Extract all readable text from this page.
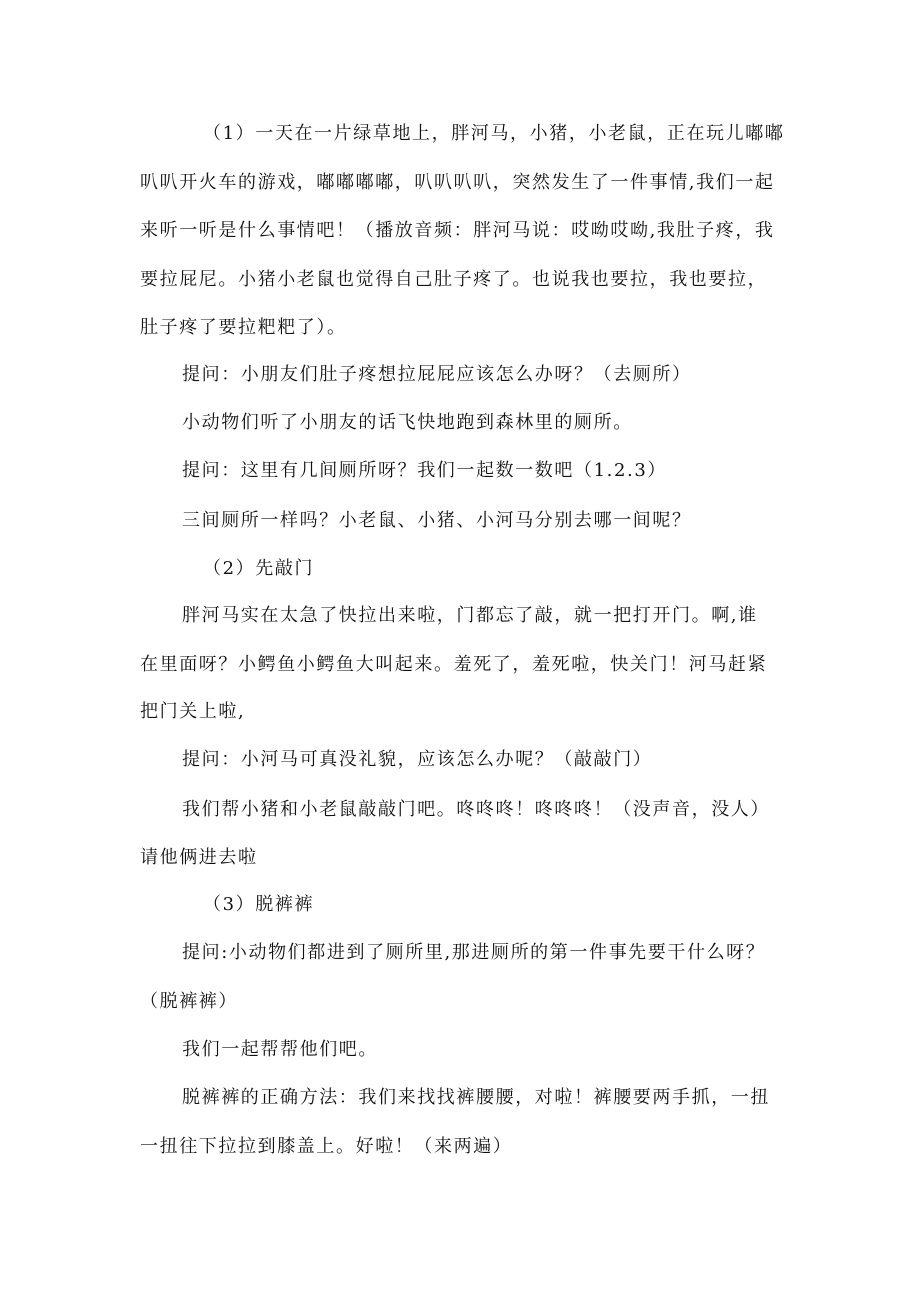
（1）一天在一片绿草地上，胖河马，小猪，小老鼠，正在玩儿嘟嘟
叭叭开火车的游戏，嘟嘟嘟嘟，叭叭叭叭，突然发生了一件事情,我们一起
来听一听是什么事情吧！（播放音频：胖河马说：哎呦哎呦,我肚子疼，我
要拉屁尼。小猪小老鼠也觉得自己肚子疼了。也说我也要拉，我也要拉，
肚子疼了要拉粑粑了）。
提问：小朋友们肚子疼想拉屁屁应该怎么办呀？（去厕所）
小动物们听了小朋友的话飞快地跑到森林里的厕所。
提问：这里有几间厕所呀？我们一起数一数吧（1.2.3）
三间厕所一样吗？小老鼠、小猪、小河马分别去哪一间呢？
（2）先敲门
胖河马实在太急了快拉出来啦，门都忘了敲，就一把打开门。啊,谁
在里面呀？小鳄鱼小鳄鱼大叫起来。羞死了，羞死啦，快关门！河马赶紧
把门关上啦,
提问：小河马可真没礼貌，应该怎么办呢？（敲敲门）
我们帮小猪和小老鼠敲敲门吧。咚咚咚！咚咚咚！（没声音，没人）
请他俩进去啦
（3）脱裤裤
提问:小动物们都进到了厕所里,那进厕所的第一件事先要干什么呀？
（脱裤裤）
我们一起帮帮他们吧。
脱裤裤的正确方法：我们来找找裤腰腰，对啦！裤腰要两手抓，一扭
一扭往下拉拉到膝盖上。好啦！（来两遍）
